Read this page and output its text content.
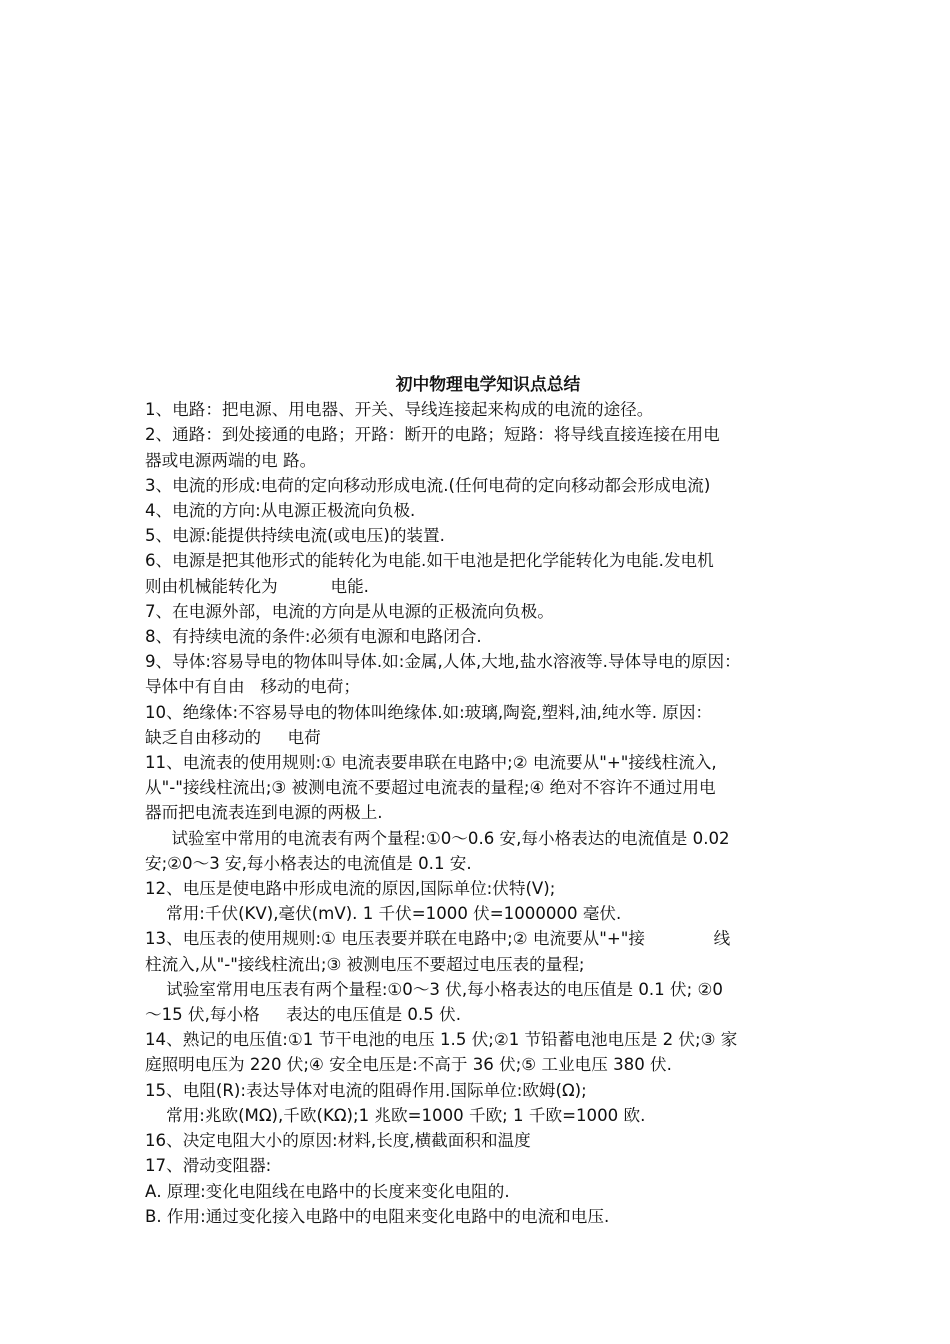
初中物理电学知识点总结

1、电路：把电源、用电器、开关、导线连接起来构成的电流的途径。

2、通路：到处接通的电路；开路：断开的电路；短路：将导线直接连接在用电

器或电源两端的电 路。

3、电流的形成:电荷的定向移动形成电流.(任何电荷的定向移动都会形成电流)

4、电流的方向:从电源正极流向负极.

5、电源:能提供持续电流(或电压)的装置.

6、电源是把其他形式的能转化为电能.如干电池是把化学能转化为电能.发电机

则由机械能转化为          电能.

7、在电源外部，电流的方向是从电源的正极流向负极。

8、有持续电流的条件:必须有电源和电路闭合.

9、导体:容易导电的物体叫导体.如:金属,人体,大地,盐水溶液等.导体导电的原因：

导体中有自由   移动的电荷；

10、绝缘体:不容易导电的物体叫绝缘体.如:玻璃,陶瓷,塑料,油,纯水等. 原因：

缺乏自由移动的     电荷

11、电流表的使用规则:① 电流表要串联在电路中;② 电流要从"+"接线柱流入,

从"-"接线柱流出;③ 被测电流不要超过电流表的量程;④ 绝对不容许不通过用电

器而把电流表连到电源的两极上.

试验室中常用的电流表有两个量程:①0～0.6 安,每小格表达的电流值是 0.02

安;②0～3 安,每小格表达的电流值是 0.1 安.

12、电压是使电路中形成电流的原因,国际单位:伏特(V);

常用:千伏(KV),毫伏(mV). 1 千伏=1000 伏=1000000 毫伏.

13、电压表的使用规则:① 电压表要并联在电路中;② 电流要从"+"接             线

柱流入,从"-"接线柱流出;③ 被测电压不要超过电压表的量程;

试验室常用电压表有两个量程:①0～3 伏,每小格表达的电压值是 0.1 伏; ②0

～15 伏,每小格     表达的电压值是 0.5 伏.

14、熟记的电压值:①1 节干电池的电压 1.5 伏;②1 节铅蓄电池电压是 2 伏;③ 家

庭照明电压为 220 伏;④ 安全电压是:不高于 36 伏;⑤ 工业电压 380 伏.

15、电阻(R):表达导体对电流的阻碍作用.国际单位:欧姆(Ω);

常用:兆欧(MΩ),千欧(KΩ);1 兆欧=1000 千欧; 1 千欧=1000 欧.

16、决定电阻大小的原因:材料,长度,横截面积和温度

17、滑动变阻器:

A. 原理:变化电阻线在电路中的长度来变化电阻的.

B. 作用:通过变化接入电路中的电阻来变化电路中的电流和电压.
